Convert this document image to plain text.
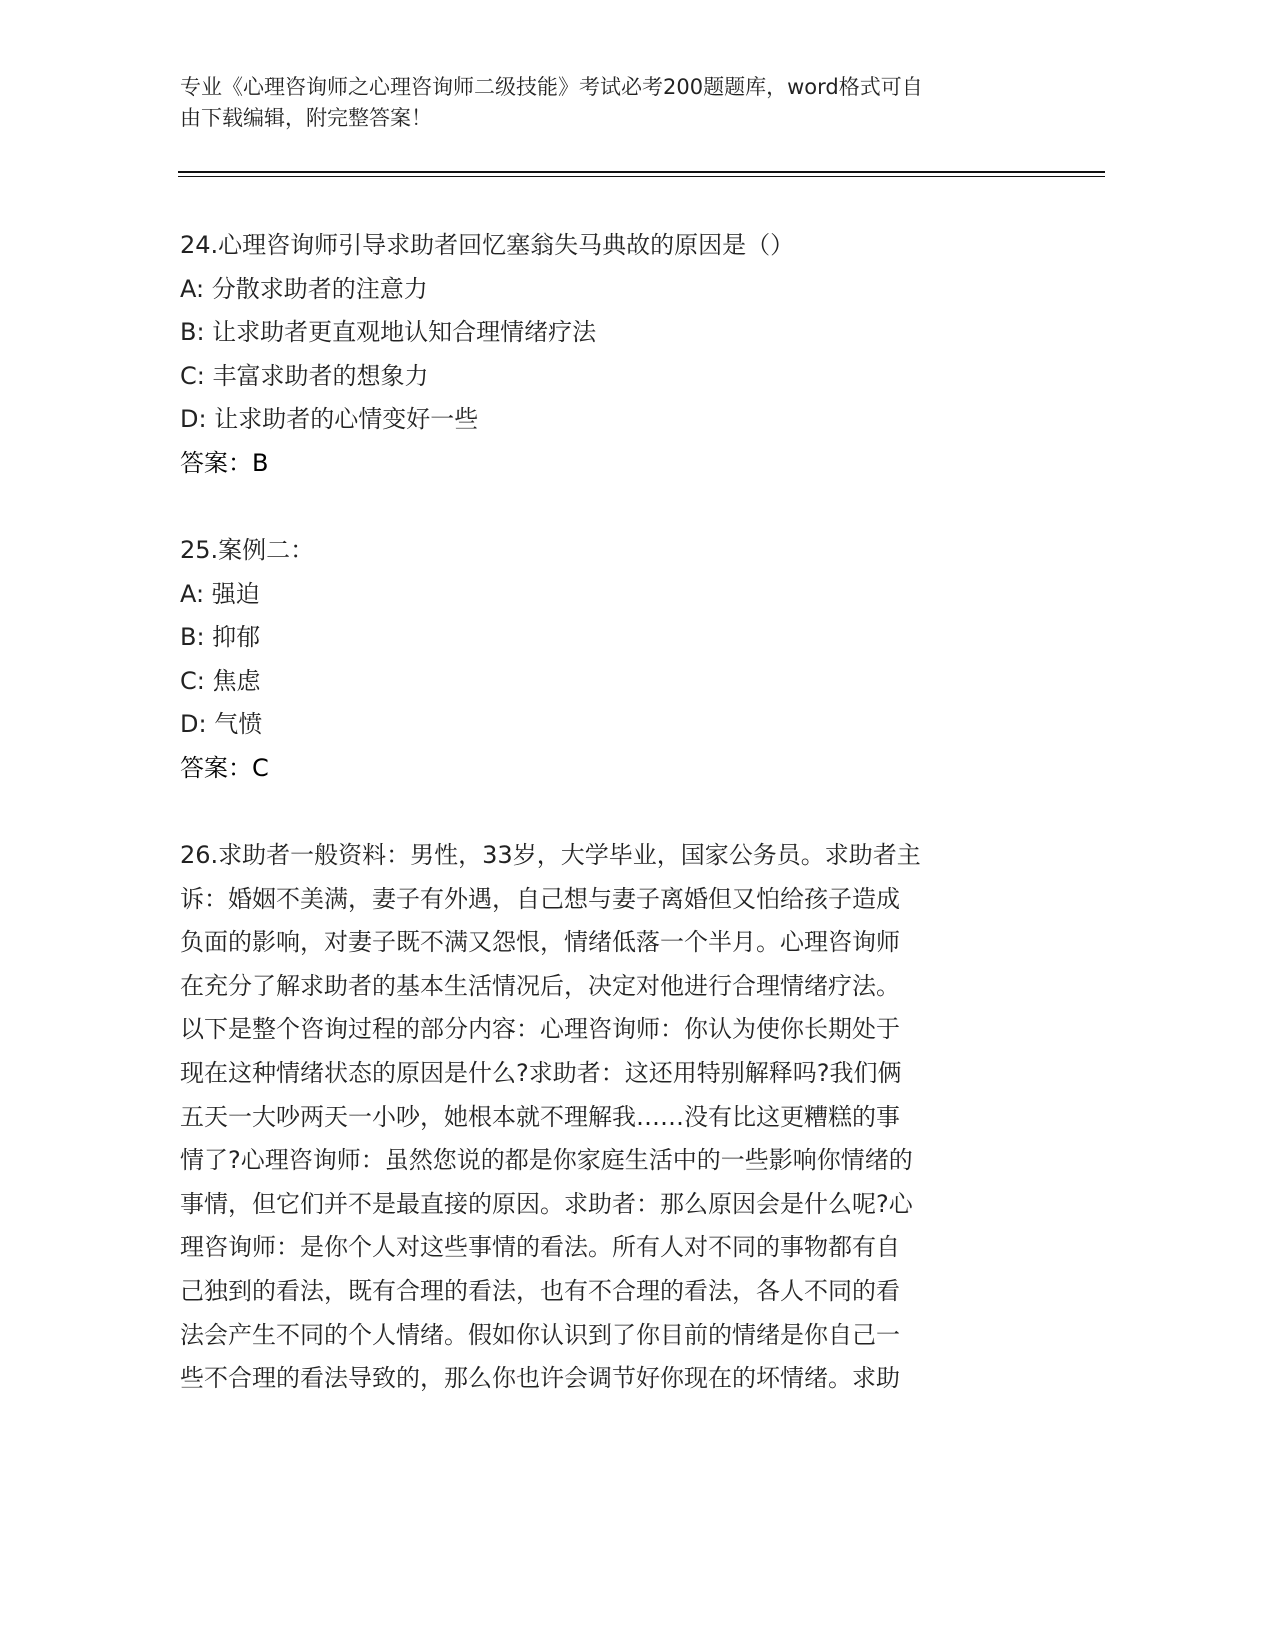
专业《心理咨询师之心理咨询师二级技能》考试必考200题题库，word格式可自
由下载编辑，附完整答案！
24.心理咨询师引导求助者回忆塞翁失马典故的原因是（）
A: 分散求助者的注意力
B: 让求助者更直观地认知合理情绪疗法
C: 丰富求助者的想象力
D: 让求助者的心情变好一些
答案：B
25.案例二：
A: 强迫
B: 抑郁
C: 焦虑
D: 气愤
答案：C
26.求助者一般资料：男性，33岁，大学毕业，国家公务员。求助者主
诉：婚姻不美满，妻子有外遇，自己想与妻子离婚但又怕给孩子造成
负面的影响，对妻子既不满又怨恨，情绪低落一个半月。心理咨询师
在充分了解求助者的基本生活情况后，决定对他进行合理情绪疗法。
以下是整个咨询过程的部分内容：心理咨询师：你认为使你长期处于
现在这种情绪状态的原因是什么?求助者：这还用特别解释吗?我们俩
五天一大吵两天一小吵，她根本就不理解我……没有比这更糟糕的事
情了?心理咨询师：虽然您说的都是你家庭生活中的一些影响你情绪的
事情，但它们并不是最直接的原因。求助者：那么原因会是什么呢?心
理咨询师：是你个人对这些事情的看法。所有人对不同的事物都有自
己独到的看法，既有合理的看法，也有不合理的看法，各人不同的看
法会产生不同的个人情绪。假如你认识到了你目前的情绪是你自己一
些不合理的看法导致的，那么你也许会调节好你现在的坏情绪。求助
